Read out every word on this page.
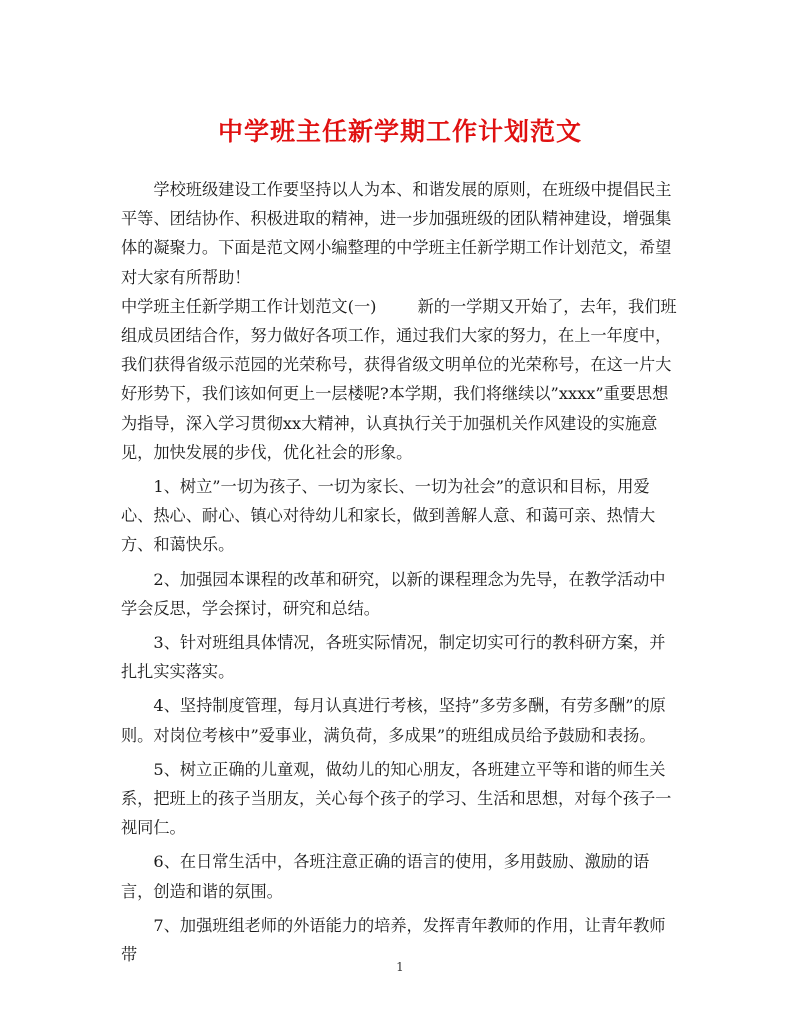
中学班主任新学期工作计划范文

学校班级建设工作要坚持以人为本、和谐发展的原则，在班级中提倡民主平等、团结协作、积极进取的精神，进一步加强班级的团队精神建设，增强集体的凝聚力。下面是范文网小编整理的中学班主任新学期工作计划范文，希望对大家有所帮助！

中学班主任新学期工作计划范文(一)	新的一学期又开始了，去年，我们班组成员团结合作，努力做好各项工作，通过我们大家的努力，在上一年度中，我们获得省级示范园的光荣称号，获得省级文明单位的光荣称号，在这一片大好形势下，我们该如何更上一层楼呢?本学期，我们将继续以”xxxx”重要思想为指导，深入学习贯彻xx大精神，认真执行关于加强机关作风建设的实施意见，加快发展的步伐，优化社会的形象。

1、树立”一切为孩子、一切为家长、一切为社会”的意识和目标，用爱心、热心、耐心、镇心对待幼儿和家长，做到善解人意、和蔼可亲、热情大方、和蔼快乐。

2、加强园本课程的改革和研究，以新的课程理念为先导，在教学活动中学会反思，学会探讨，研究和总结。

3、针对班组具体情况，各班实际情况，制定切实可行的教科研方案，并扎扎实实落实。

4、坚持制度管理，每月认真进行考核，坚持”多劳多酬，有劳多酬”的原则。对岗位考核中”爱事业，满负荷，多成果”的班组成员给予鼓励和表扬。

5、树立正确的儿童观，做幼儿的知心朋友，各班建立平等和谐的师生关系，把班上的孩子当朋友，关心每个孩子的学习、生活和思想，对每个孩子一视同仁。

6、在日常生活中，各班注意正确的语言的使用，多用鼓励、激励的语言，创造和谐的氛围。

7、加强班组老师的外语能力的培养，发挥青年教师的作用，让青年教师带

1
